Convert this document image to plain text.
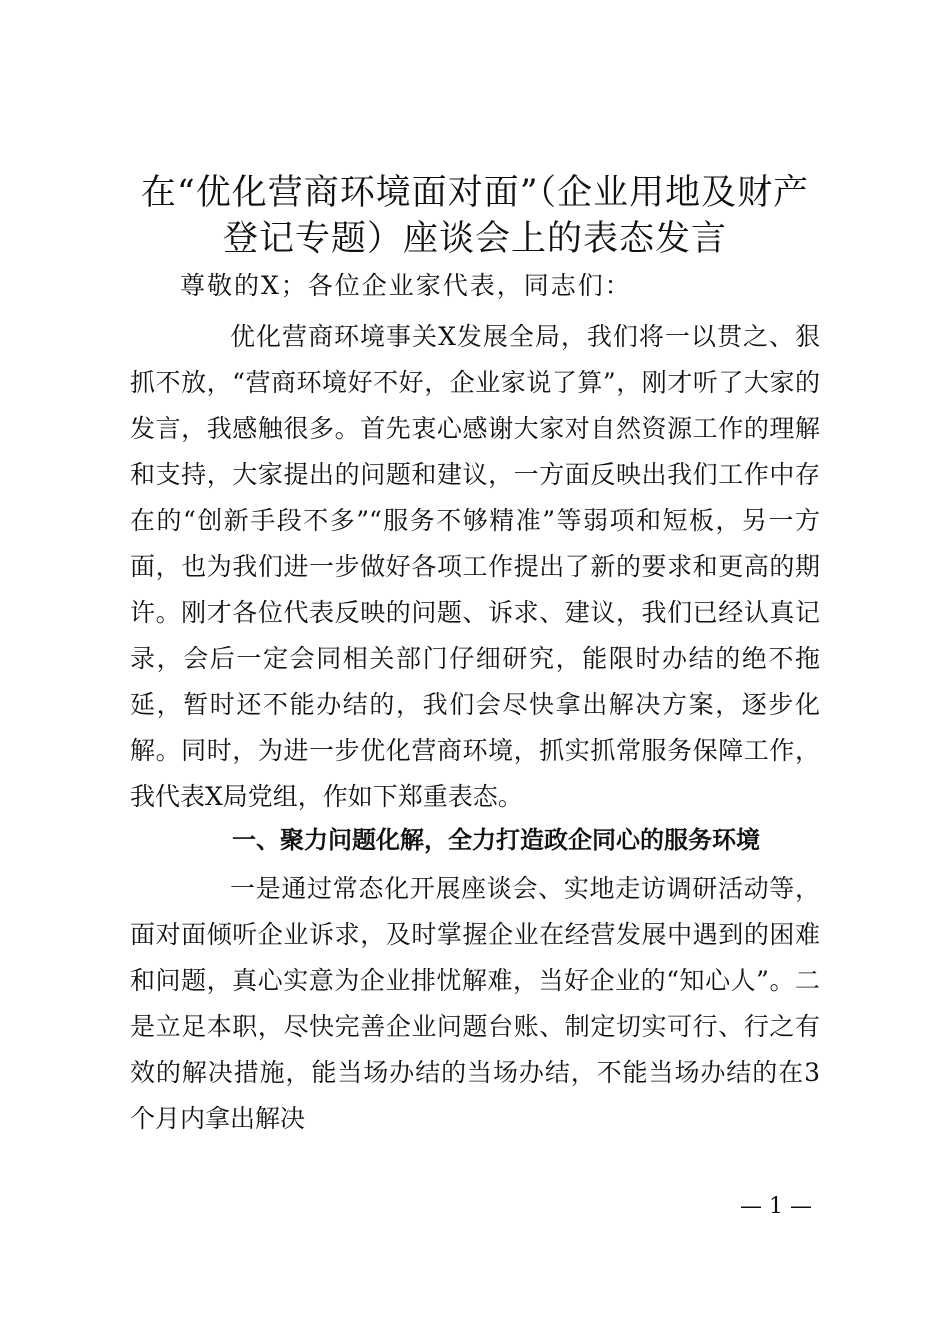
在“优化营商环境面对面”（企业用地及财产
登记专题）座谈会上的表态发言
尊敬的X；各位企业家代表，同志们：
优化营商环境事关X发展全局，我们将一以贯之、狠抓不放，“营商环境好不好，企业家说了算”，刚才听了大家的发言，我感触很多。首先衷心感谢大家对自然资源工作的理解和支持，大家提出的问题和建议，一方面反映出我们工作中存在的“创新手段不多”“服务不够精准”等弱项和短板，另一方面，也为我们进一步做好各项工作提出了新的要求和更高的期许。刚才各位代表反映的问题、诉求、建议，我们已经认真记录，会后一定会同相关部门仔细研究，能限时办结的绝不拖延，暂时还不能办结的，我们会尽快拿出解决方案，逐步化解。同时，为进一步优化营商环境，抓实抓常服务保障工作，我代表X局党组，作如下郑重表态。
一、聚力问题化解，全力打造政企同心的服务环境
一是通过常态化开展座谈会、实地走访调研活动等，面对面倾听企业诉求，及时掌握企业在经营发展中遇到的困难和问题，真心实意为企业排忧解难，当好企业的“知心人”。二是立足本职，尽快完善企业问题台账、制定切实可行、行之有效的解决措施，能当场办结的当场办结，不能当场办结的在3个月内拿出解决
— 1 —
